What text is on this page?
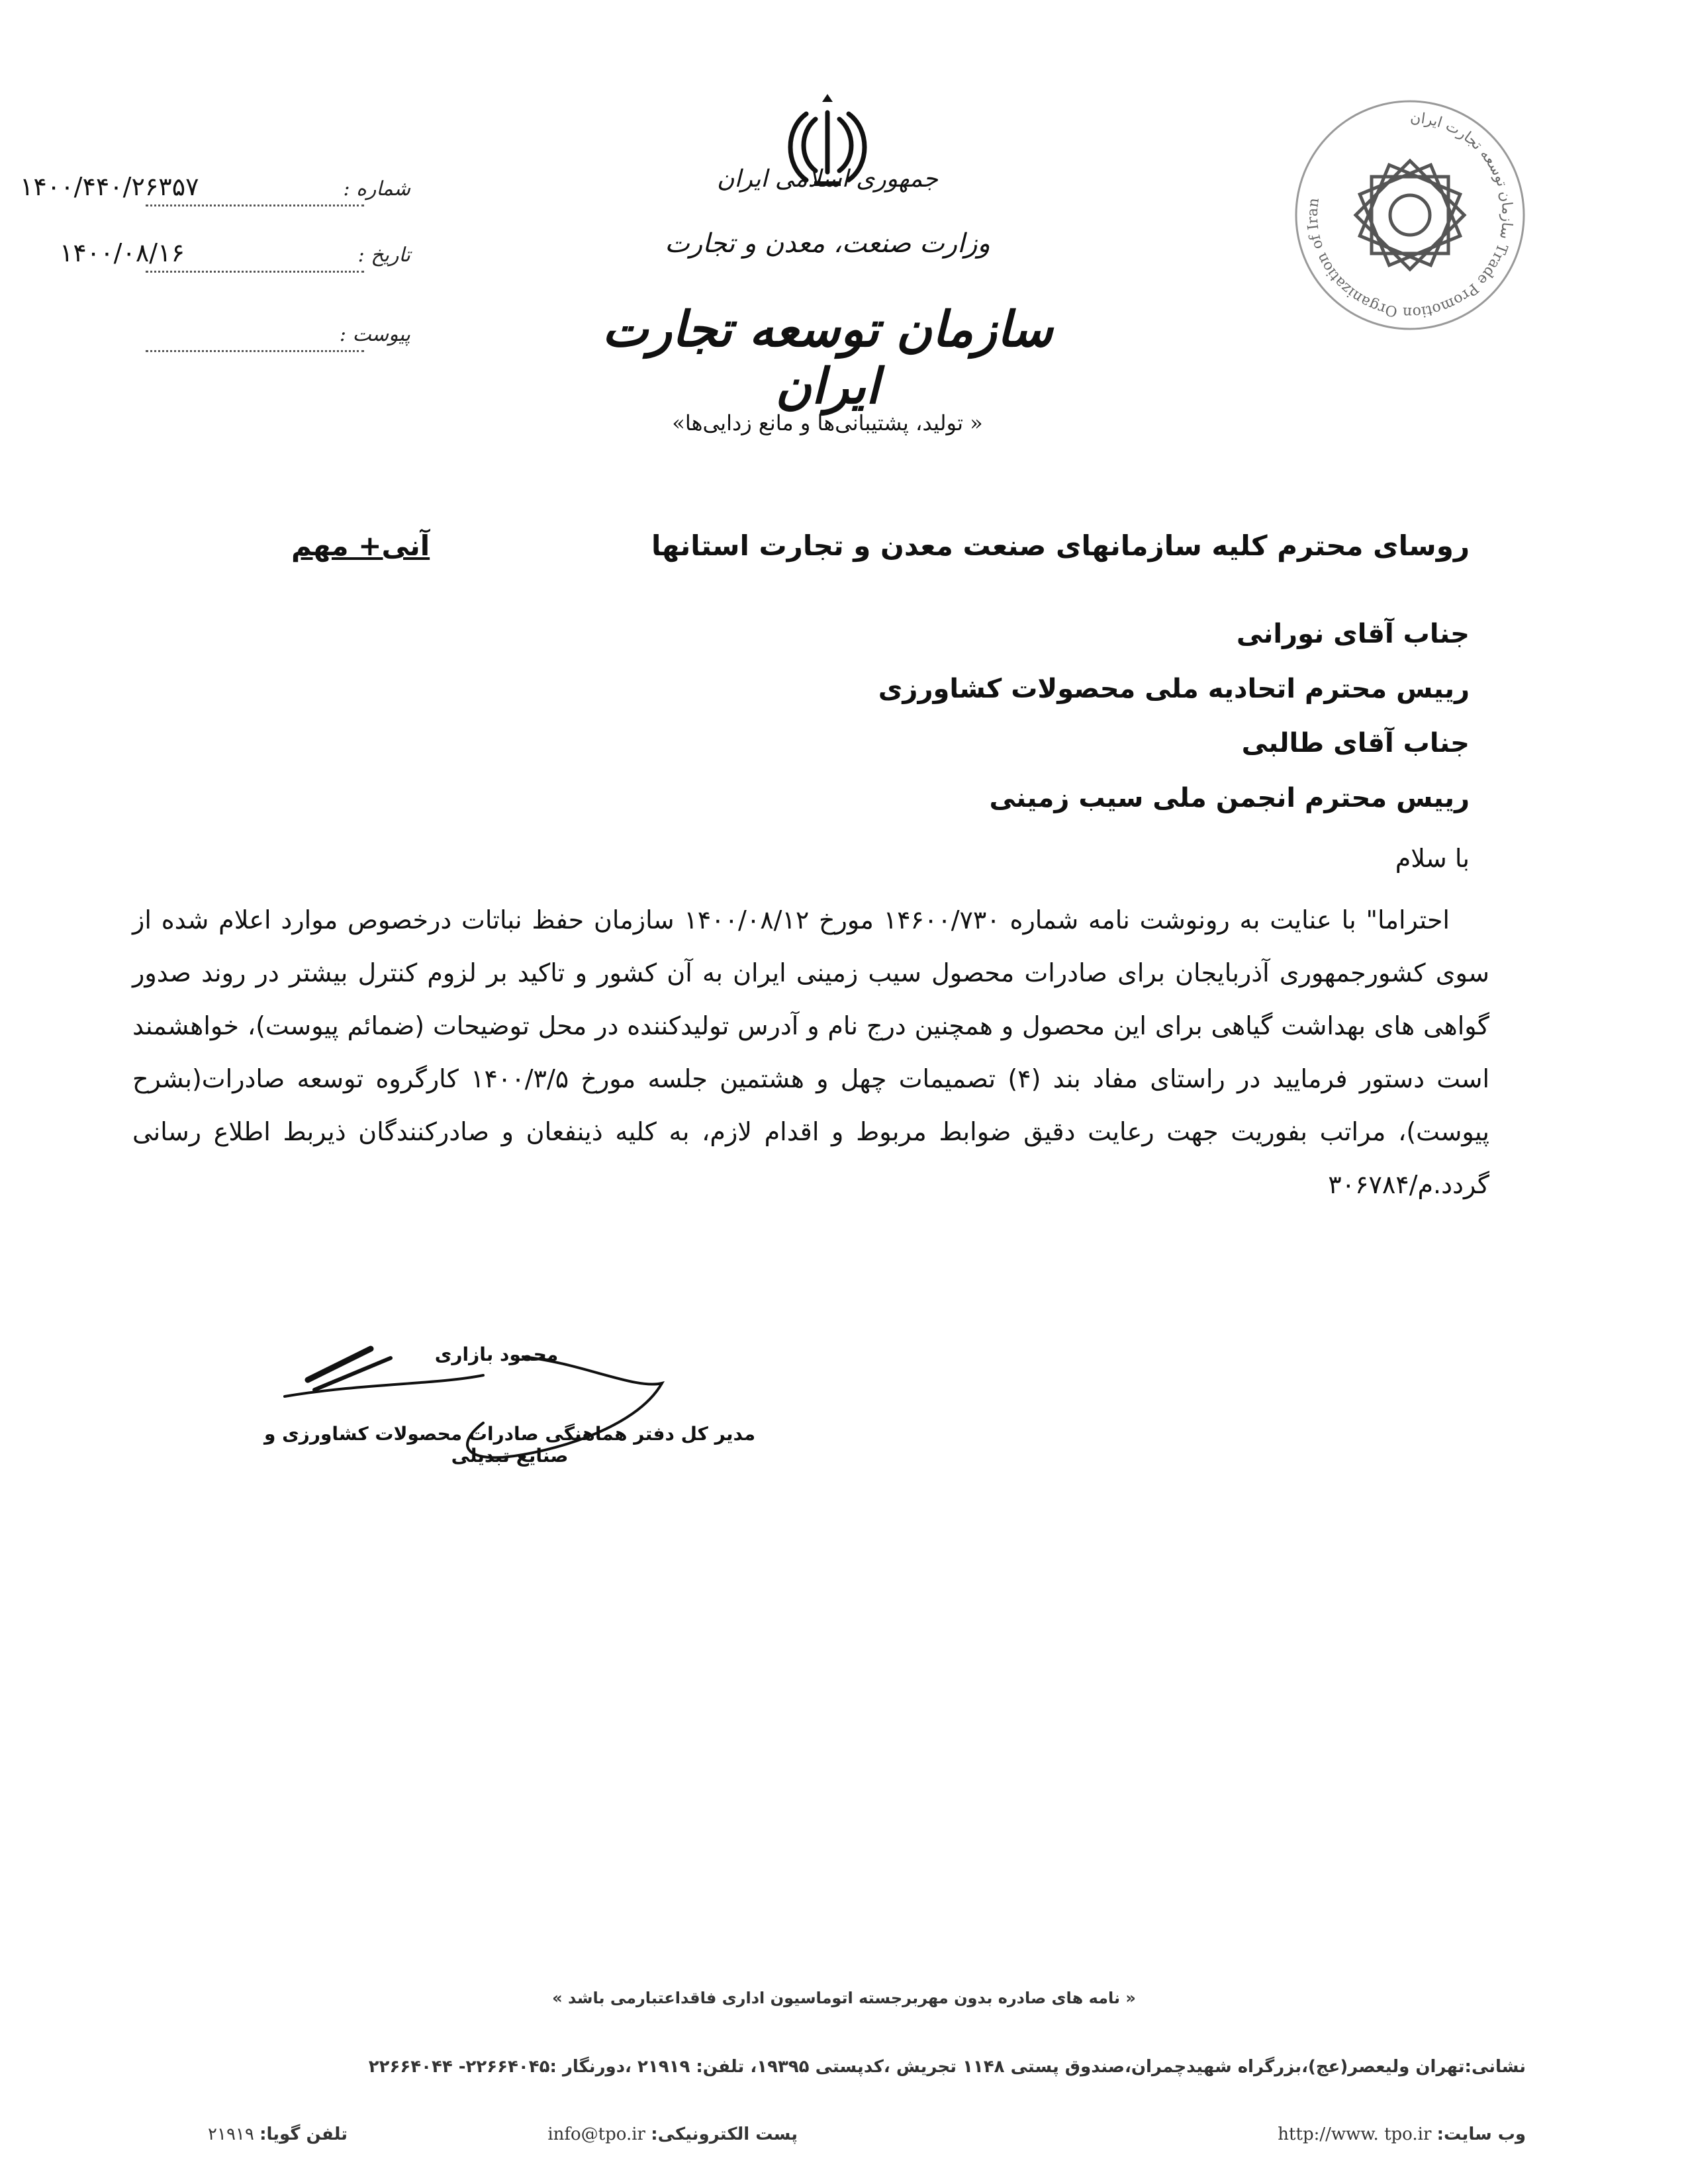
جمهوری اسلامی ایران
وزارت صنعت، معدن و تجارت
سازمان توسعه تجارت ایران
« تولید، پشتیبانی‌ها و مانع زدایی‌ها»
سازمان توسعه تجارت ایران Trade Promotion Organization of Iran
شماره :
۱۴۰۰/۴۴۰/۲۶۳۵۷
تاریخ :
۱۴۰۰/۰۸/۱۶
پیوست :
روسای محترم کلیه سازمانهای صنعت معدن و تجارت استانها
آنی+ مهم
جناب آقای نورانی
رییس محترم اتحادیه ملی محصولات کشاورزی
جناب آقای طالبی
رییس محترم انجمن ملی سیب زمینی
با سلام
احتراما" با عنایت به رونوشت نامه شماره ۱۴۶۰۰/۷۳۰ مورخ ۱۴۰۰/۰۸/۱۲ سازمان حفظ نباتات درخصوص موارد اعلام شده از سوی کشورجمهوری آذربایجان برای صادرات محصول سیب زمینی ایران به آن کشور و تاکید بر لزوم کنترل بیشتر در روند صدور گواهی های بهداشت گیاهی برای این محصول و همچنین درج نام و آدرس تولیدکننده در محل توضیحات (ضمائم پیوست)، خواهشمند است دستور فرمایید در راستای مفاد بند (۴) تصمیمات چهل و هشتمین جلسه مورخ ۱۴۰۰/۳/۵ کارگروه توسعه صادرات(بشرح پیوست)، مراتب بفوریت جهت رعایت دقیق ضوابط مربوط و اقدام لازم، به کلیه ذینفعان و صادرکنندگان ذیربط اطلاع رسانی گردد.م/۳۰۶۷۸۴
محمود بازاری
مدیر کل دفتر هماهنگی صادرات محصولات کشاورزی و صنایع تبدیلی
« نامه های صادره بدون مهربرجسته اتوماسیون اداری فاقداعتبارمی باشد »
نشانی:تهران ولیعصر(عج)،بزرگراه شهیدچمران،صندوق پستی ۱۱۴۸ تجریش ،کدپستی ۱۹۳۹۵، تلفن: ۲۱۹۱۹ ،دورنگار :۲۲۶۶۴۰۴۵- ۲۲۶۶۴۰۴۴
وب سایت: http://www. tpo.ir
پست الکترونیکی: info@tpo.ir
تلفن گویا: ۲۱۹۱۹
